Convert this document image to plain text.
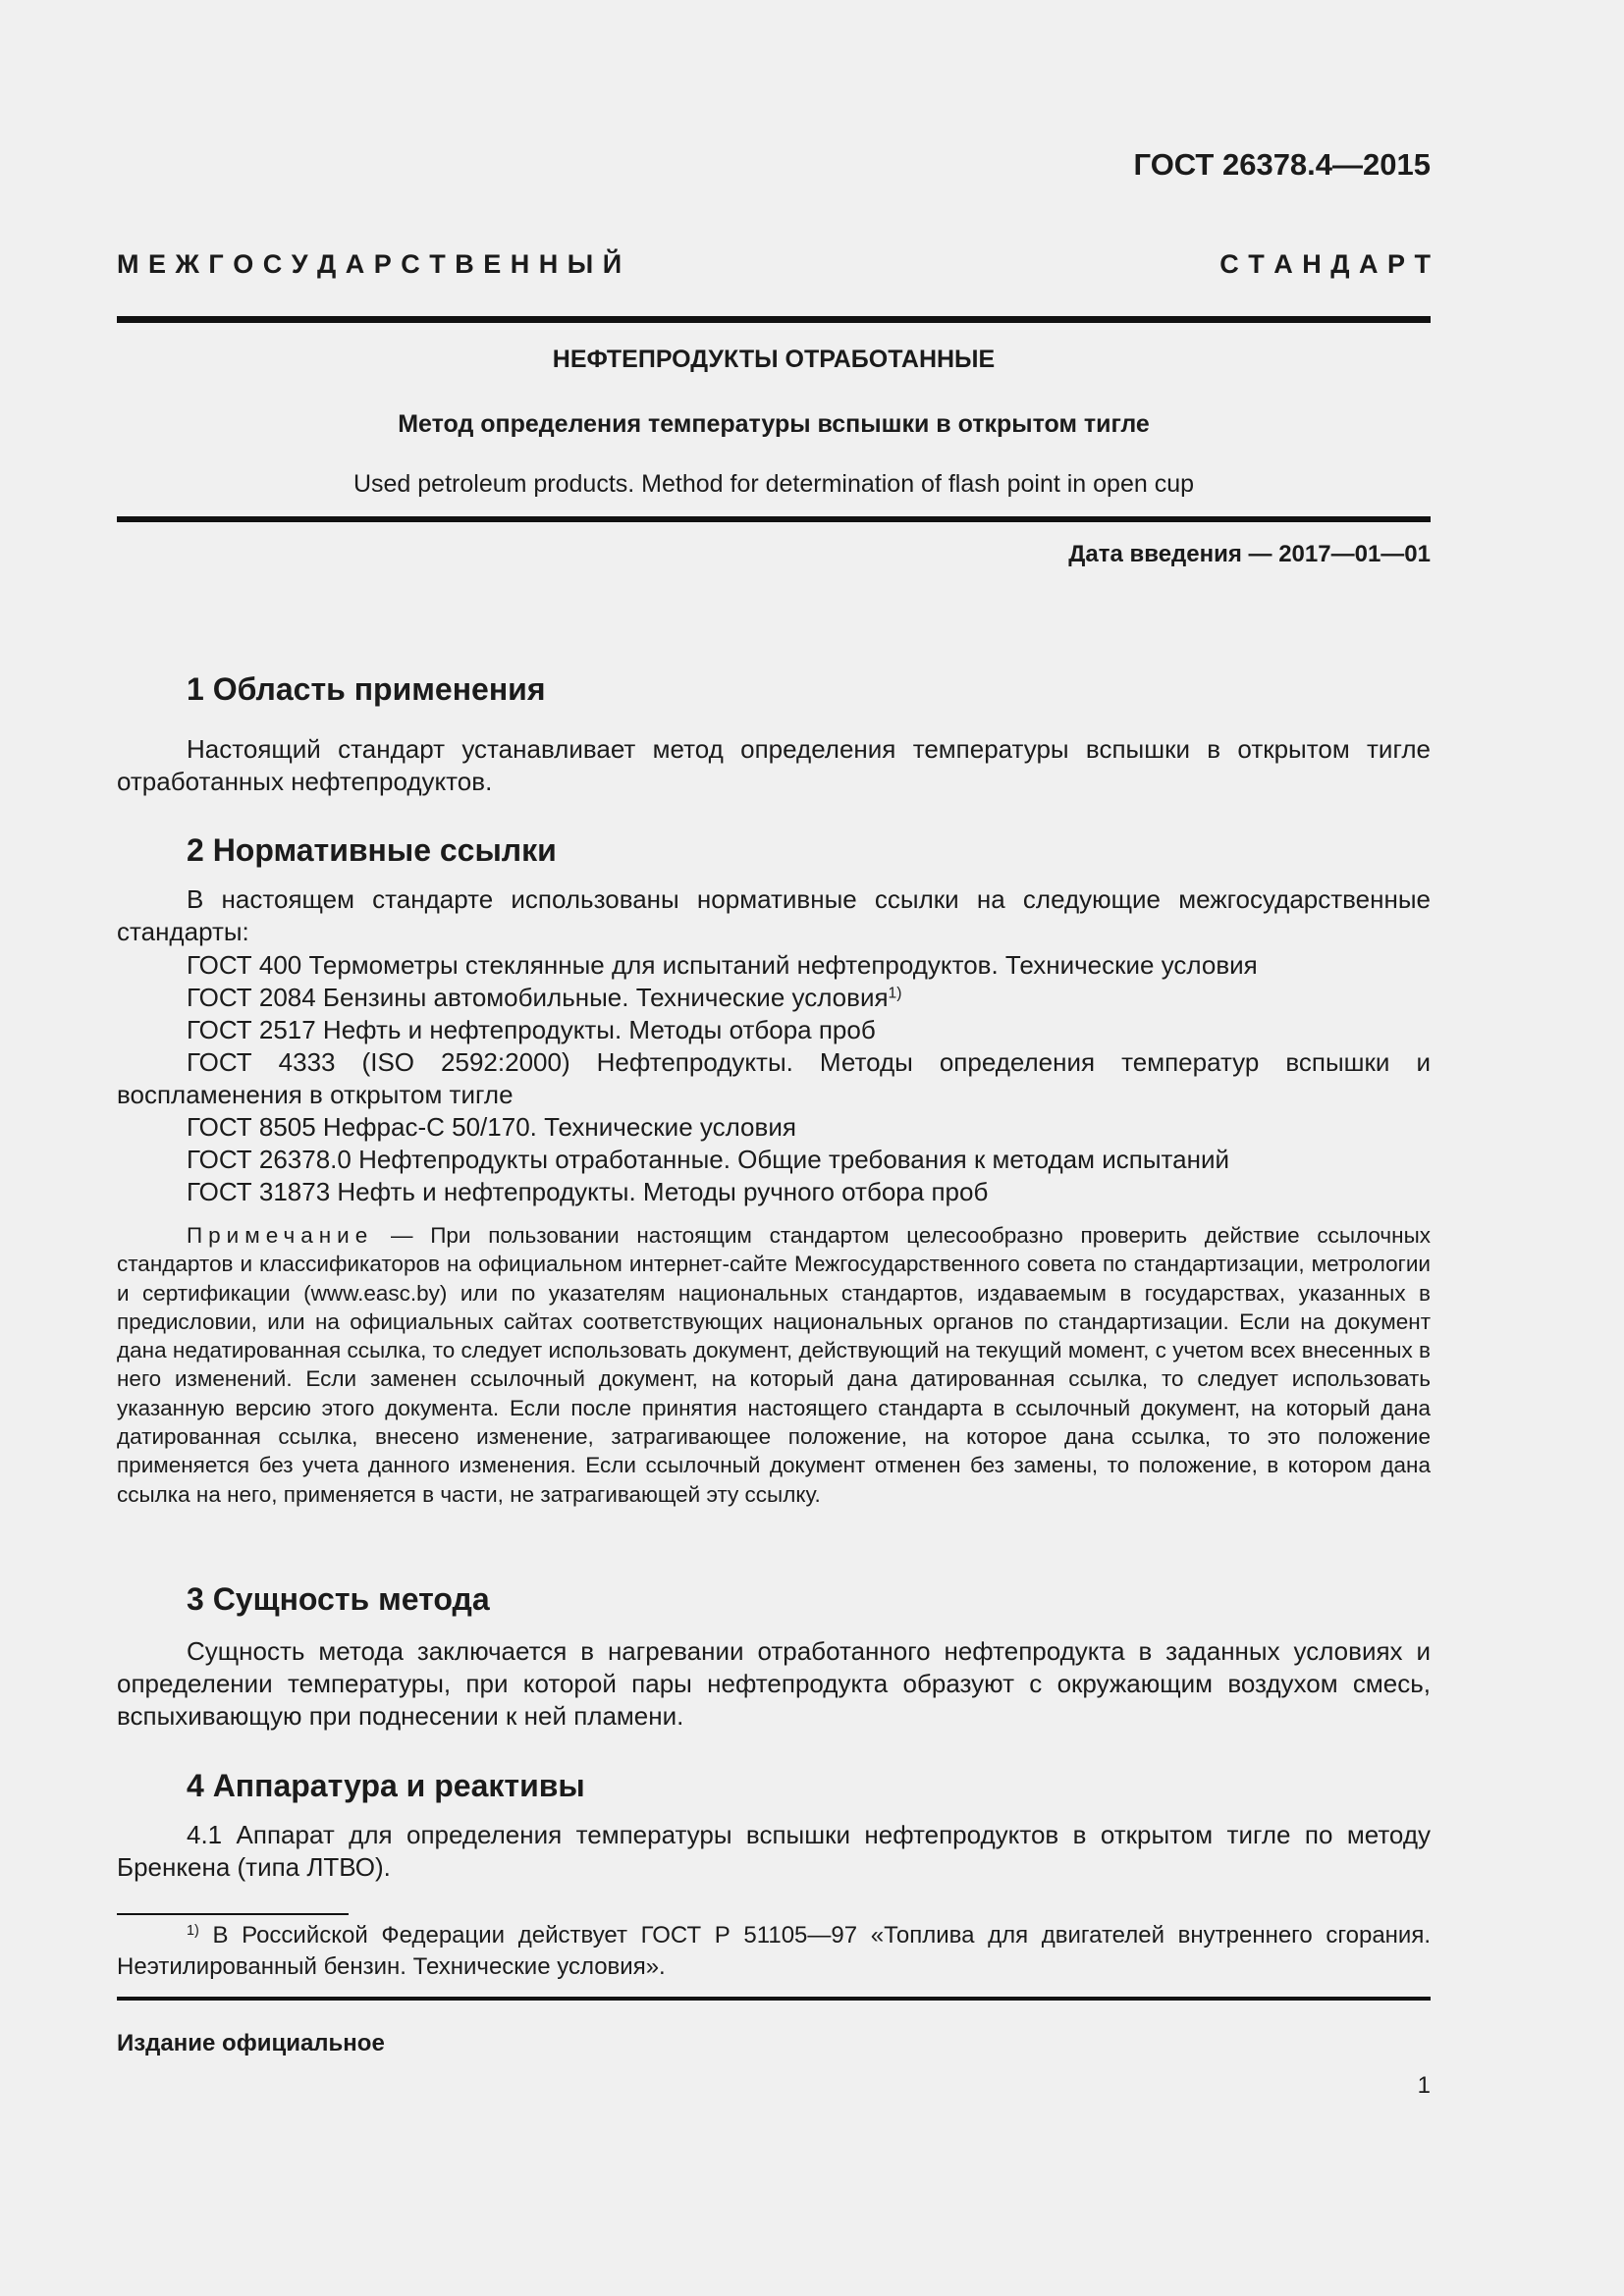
ГОСТ 26378.4—2015
М Е Ж Г О С У Д А Р С Т В Е Н Н Ы Й	С Т А Н Д А Р Т
НЕФТЕПРОДУКТЫ ОТРАБОТАННЫЕ
Метод определения температуры вспышки в открытом тигле
Used petroleum products. Method for determination of flash point in open cup
Дата введения — 2017—01—01
1 Область применения
Настоящий стандарт устанавливает метод определения температуры вспышки в открытом тигле отработанных нефтепродуктов.
2 Нормативные ссылки
В настоящем стандарте использованы нормативные ссылки на следующие межгосударственные стандарты:
ГОСТ 400 Термометры стеклянные для испытаний нефтепродуктов. Технические условия
ГОСТ 2084 Бензины автомобильные. Технические условия$^{1)}$
ГОСТ 2517 Нефть и нефтепродукты. Методы отбора проб
ГОСТ 4333 (ISO 2592:2000) Нефтепродукты. Методы определения температур вспышки и воспламенения в открытом тигле
ГОСТ 8505 Нефрас-С 50/170. Технические условия
ГОСТ 26378.0 Нефтепродукты отработанные. Общие требования к методам испытаний
ГОСТ 31873 Нефть и нефтепродукты. Методы ручного отбора проб
Примечание — При пользовании настоящим стандартом целесообразно проверить действие ссылочных стандартов и классификаторов на официальном интернет-сайте Межгосударственного совета по стандартизации, метрологии и сертификации (www.easc.by) или по указателям национальных стандартов, издаваемым в государствах, указанных в предисловии, или на официальных сайтах соответствующих национальных органов по стандартизации. Если на документ дана недатированная ссылка, то следует использовать документ, действующий на текущий момент, с учетом всех внесенных в него изменений. Если заменен ссылочный документ, на который дана датированная ссылка, то следует использовать указанную версию этого документа. Если после принятия настоящего стандарта в ссылочный документ, на который дана датированная ссылка, внесено изменение, затрагивающее положение, на которое дана ссылка, то это положение применяется без учета данного изменения. Если ссылочный документ отменен без замены, то положение, в котором дана ссылка на него, применяется в части, не затрагивающей эту ссылку.
3 Сущность метода
Сущность метода заключается в нагревании отработанного нефтепродукта в заданных условиях и определении температуры, при которой пары нефтепродукта образуют с окружающим воздухом смесь, вспыхивающую при поднесении к ней пламени.
4 Аппаратура и реактивы
4.1 Аппарат для определения температуры вспышки нефтепродуктов в открытом тигле по методу Бренкена (типа ЛТВО).
$^{1)}$ В Российской Федерации действует ГОСТ Р 51105—97 «Топлива для двигателей внутреннего сгорания. Неэтилированный бензин. Технические условия».
Издание официальное
1
